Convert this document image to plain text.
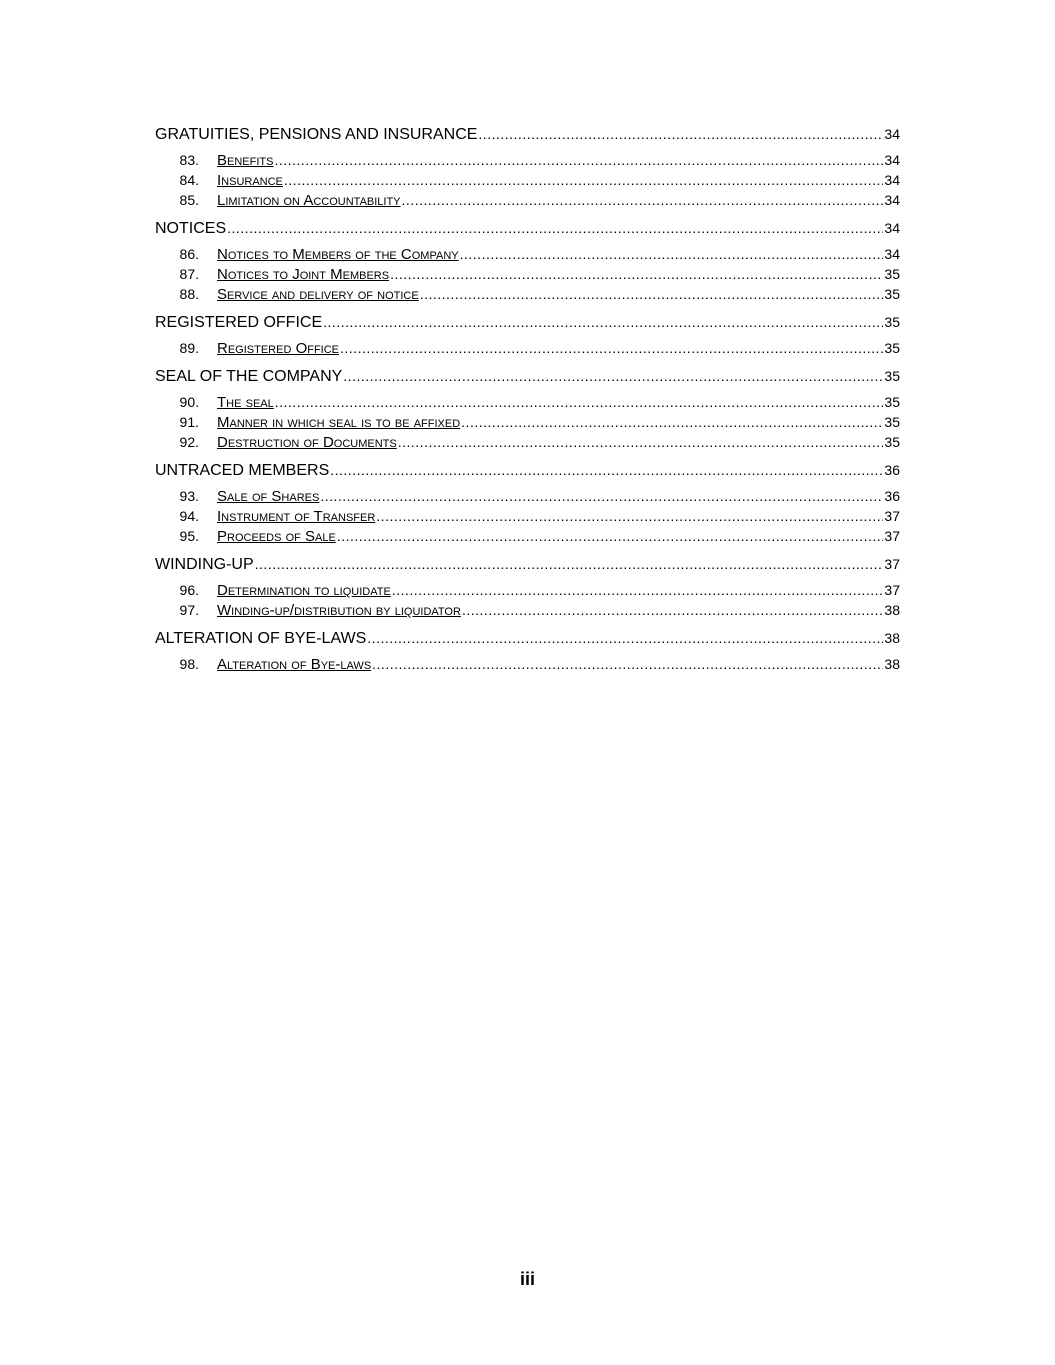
GRATUITIES, PENSIONS AND INSURANCE .....	34
83. Benefits .....	34
84. Insurance .....	34
85. Limitation on Accountability .....	34
NOTICES .....	34
86. Notices to Members of the Company .....	34
87. Notices to Joint Members .....	35
88. Service and delivery of notice .....	35
REGISTERED OFFICE .....	35
89. Registered Office .....	35
SEAL OF THE COMPANY .....	35
90. The seal .....	35
91. Manner in which seal is to be affixed .....	35
92. Destruction of Documents .....	35
UNTRACED MEMBERS .....	36
93. Sale of Shares .....	36
94. Instrument of Transfer .....	37
95. Proceeds of Sale .....	37
WINDING-UP .....	37
96. Determination to liquidate .....	37
97. Winding-up/distribution by liquidator .....	38
ALTERATION OF BYE-LAWS .....	38
98. Alteration of Bye-laws .....	38
iii
